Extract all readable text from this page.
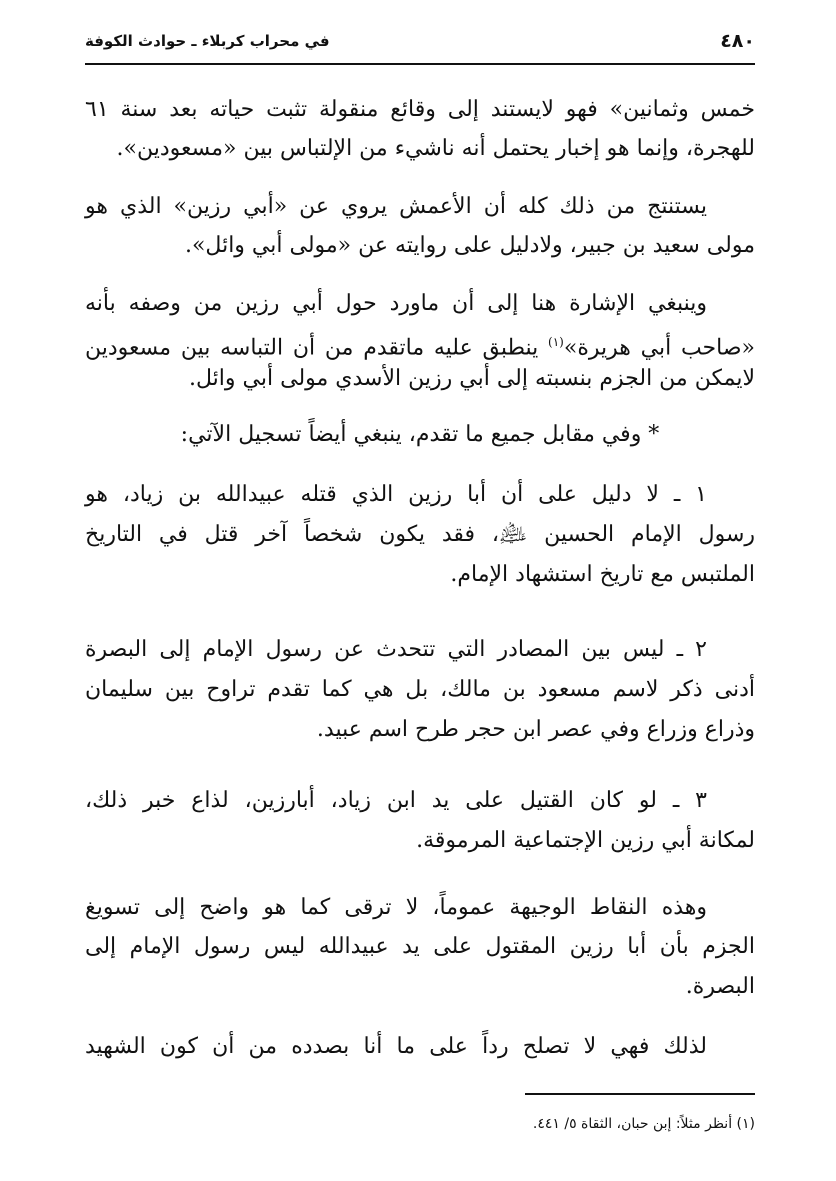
٤٨٠
في محراب كربلاء ـ حوادث الكوفة
خمس وثمانين» فهو لايستند إلى وقائع منقولة تثبت حياته بعد سنة ٦١
للهجرة، وإنما هو إخبار يحتمل أنه ناشيء من الإلتباس بين «مسعودين».
يستنتج من ذلك كله أن الأعمش يروي عن «أبي رزين» الذي هو
مولى سعيد بن جبير، ولادليل على روايته عن «مولى أبي وائل».
وينبغي الإشارة هنا إلى أن ماورد حول أبي رزين من وصفه بأنه
«صاحب أبي هريرة»$^{(١)}$ ينطبق عليه ماتقدم من أن التباسه بين مسعودين
لايمكن من الجزم بنسبته إلى أبي رزين الأسدي مولى أبي وائل.
* وفي مقابل جميع ما تقدم، ينبغي أيضاً تسجيل الآتي:
١ ـ لا دليل على أن أبا رزين الذي قتله عبيدالله بن زياد، هو
رسول الإمام الحسين ﵇، فقد يكون شخصاً آخر قتل في التاريخ
الملتبس مع تاريخ استشهاد الإمام.
٢ ـ ليس بين المصادر التي تتحدث عن رسول الإمام إلى البصرة
أدنى ذكر لاسم مسعود بن مالك، بل هي كما تقدم تراوح بين سليمان
وذراع وزراع وفي عصر ابن حجر طرح اسم عبيد.
٣ ـ لو كان القتيل على يد ابن زياد، أبارزين، لذاع خبر ذلك،
لمكانة أبي رزين الإجتماعية المرموقة.
وهذه النقاط الوجيهة عموماً، لا ترقى كما هو واضح إلى تسويغ
الجزم بأن أبا رزين المقتول على يد عبيدالله ليس رسول الإمام إلى
البصرة.
لذلك فهي لا تصلح رداً على ما أنا بصدده من أن كون الشهيد
(١) أنظر مثلاً: إبن حبان، الثقاة ٥/ ٤٤١.
